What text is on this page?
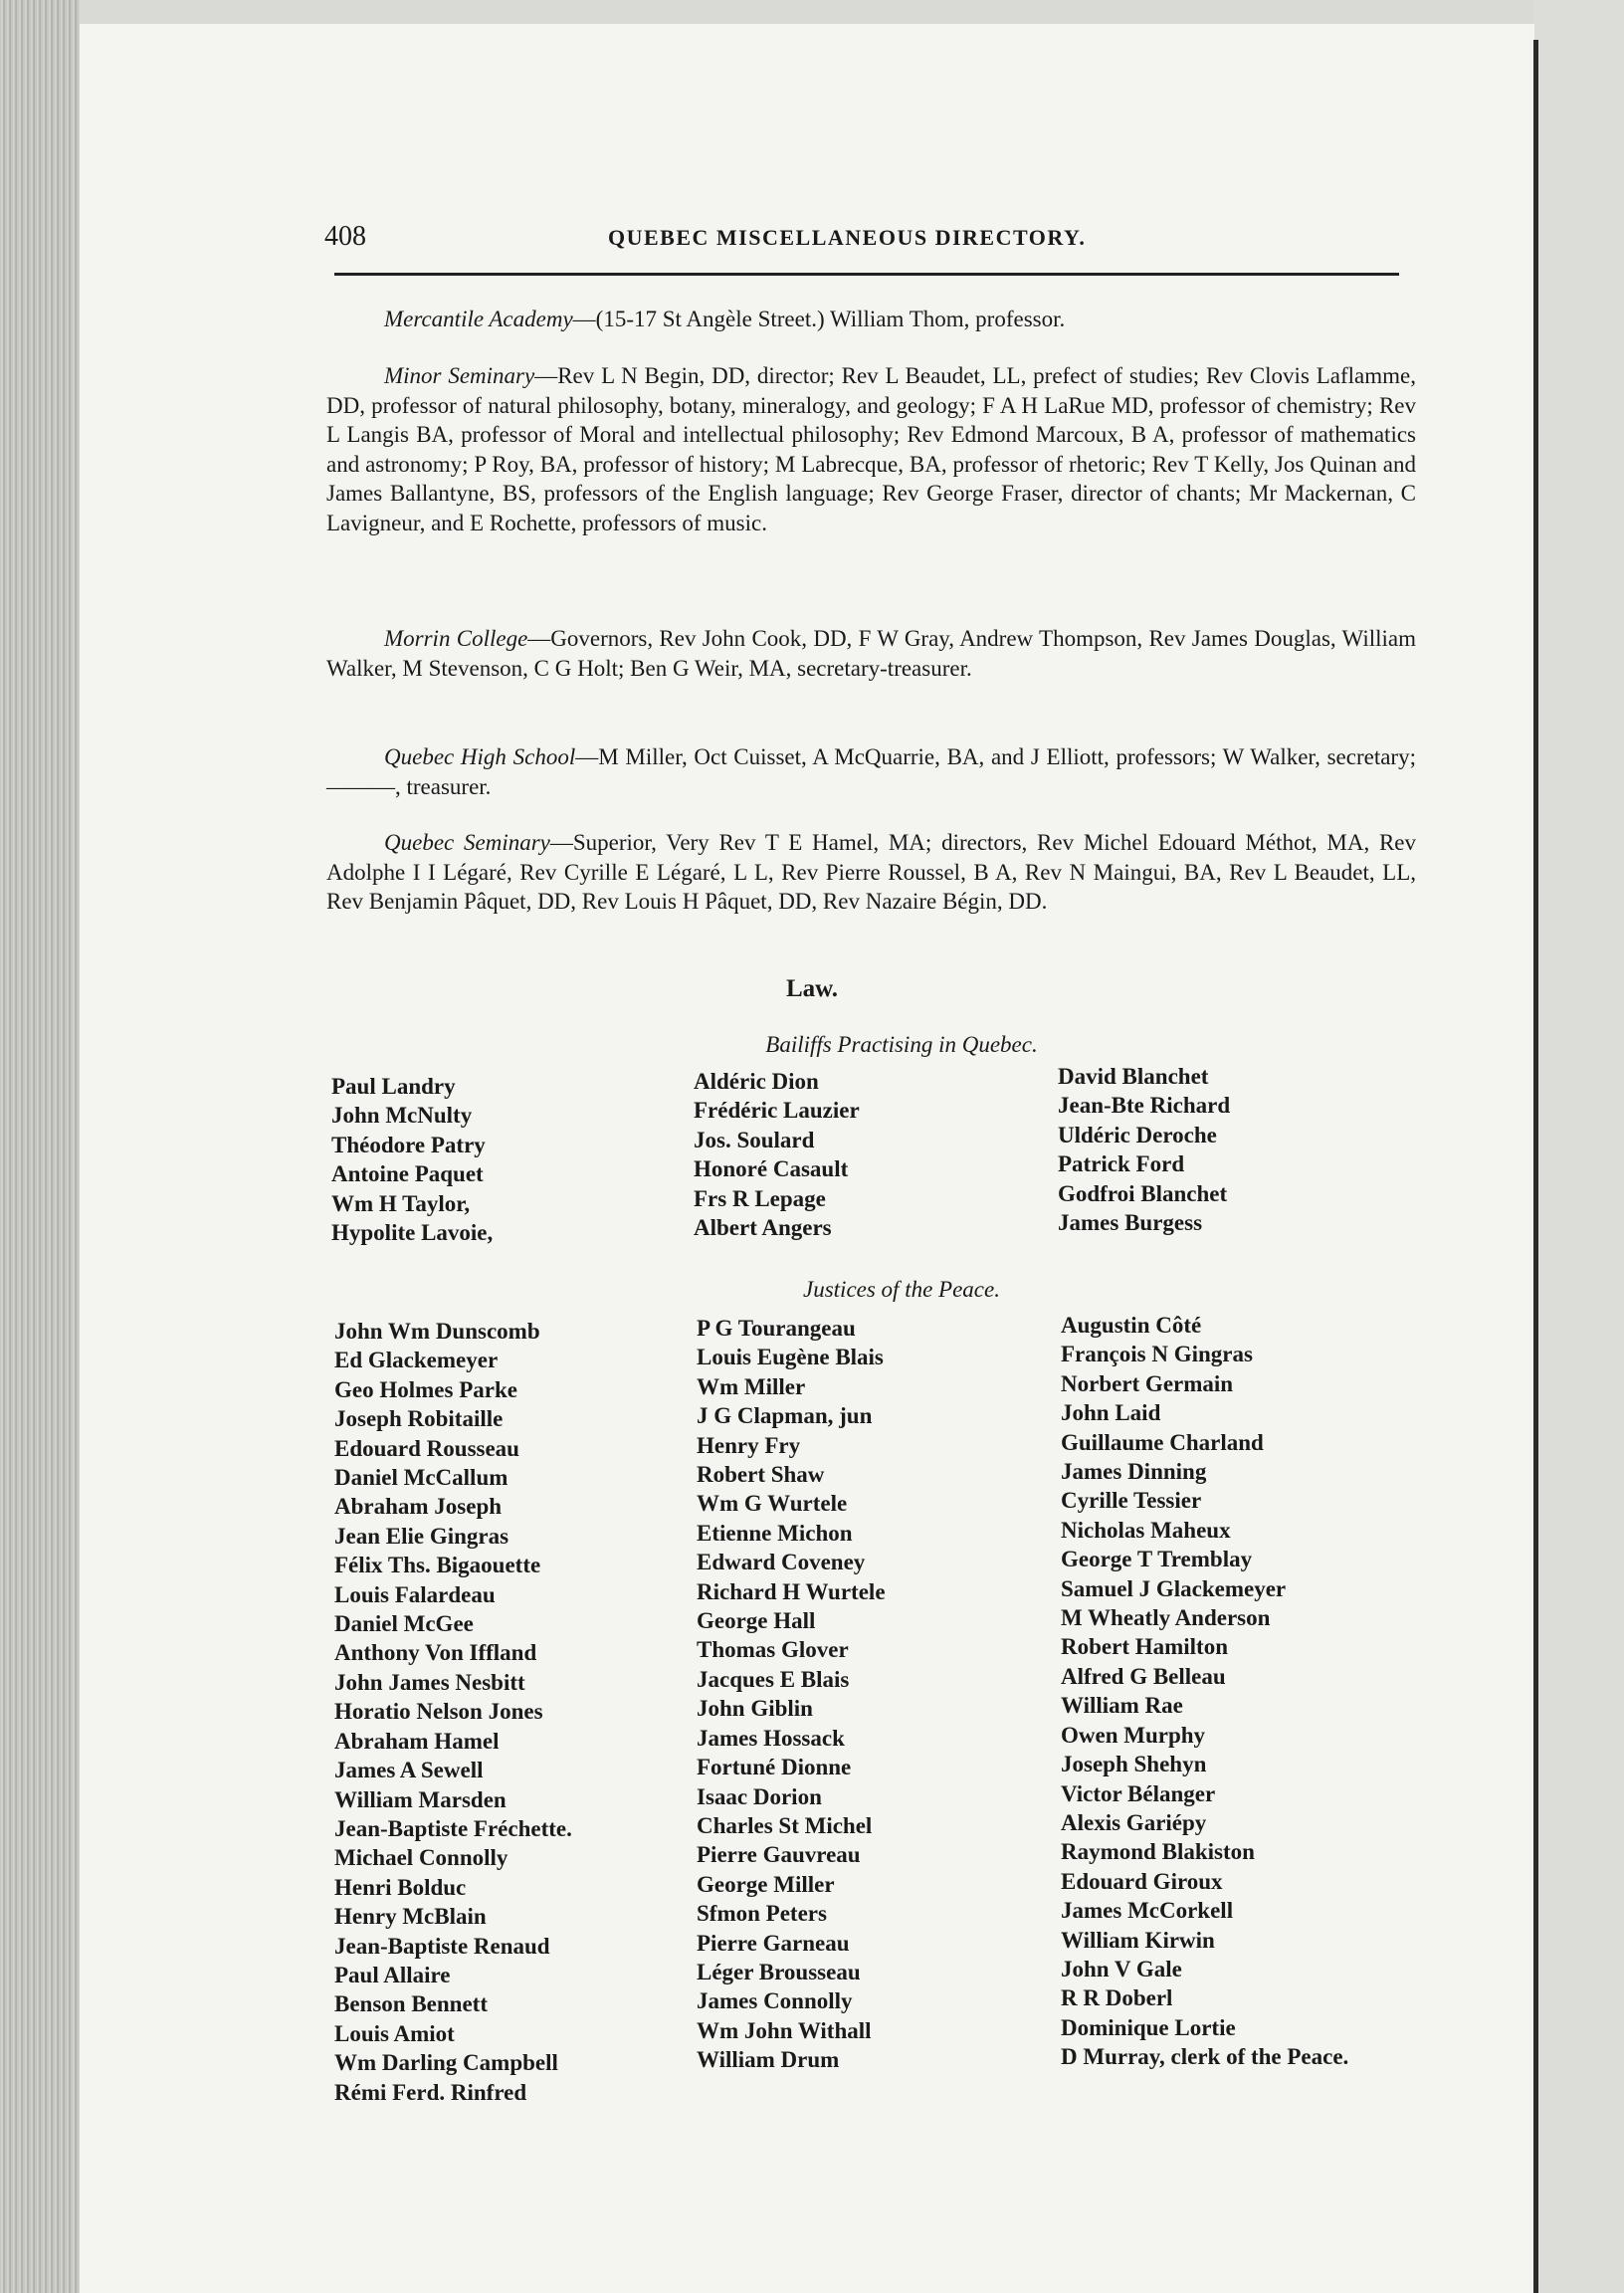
408	QUEBEC MISCELLANEOUS DIRECTORY.
Mercantile Academy—(15-17 St Angèle Street.) William Thom, professor.
Minor Seminary—Rev L N Begin, DD, director; Rev L Beaudet, LL, prefect of studies; Rev Clovis Laflamme, DD, professor of natural philosophy, botany, mineralogy, and geology; F A H LaRue MD, professor of chemistry; Rev L Langis BA, professor of Moral and intellectual philosophy; Rev Edmond Marcoux, B A, professor of mathematics and astronomy; P Roy, BA, professor of history; M Labrecque, BA, professor of rhetoric; Rev T Kelly, Jos Quinan and James Ballantyne, BS, professors of the English language; Rev George Fraser, director of chants; Mr Mackernan, C Lavigneur, and E Rochette, professors of music.
Morrin College—Governors, Rev John Cook, DD, F W Gray, Andrew Thompson, Rev James Douglas, William Walker, M Stevenson, C G Holt; Ben G Weir, MA, secretary-treasurer.
Quebec High School—M Miller, Oct Cuisset, A McQuarrie, BA, and J Elliott, professors; W Walker, secretary; ———, treasurer.
Quebec Seminary—Superior, Very Rev T E Hamel, MA; directors, Rev Michel Edouard Méthot, MA, Rev Adolphe I I Légaré, Rev Cyrille E Légaré, L L, Rev Pierre Roussel, B A, Rev N Maingui, BA, Rev L Beaudet, LL, Rev Benjamin Pâquet, DD, Rev Louis H Pâquet, DD, Rev Nazaire Bégin, DD.
Law.
Bailiffs Practising in Quebec.
Paul Landry
John McNulty
Théodore Patry
Antoine Paquet
Wm H Taylor,
Hypolite Lavoie,
Aldéric Dion
Frédéric Lauzier
Jos. Soulard
Honoré Casault
Frs R Lepage
Albert Angers
David Blanchet
Jean-Bte Richard
Uldéric Deroche
Patrick Ford
Godfroi Blanchet
James Burgess
Justices of the Peace.
John Wm Dunscomb
Ed Glackemeyer
Geo Holmes Parke
Joseph Robitaille
Edouard Rousseau
Daniel McCallum
Abraham Joseph
Jean Elie Gingras
Félix Ths. Bigaouette
Louis Falardeau
Daniel McGee
Anthony Von Iffland
John James Nesbitt
Horatio Nelson Jones
Abraham Hamel
James A Sewell
William Marsden
Jean-Baptiste Fréchette.
Michael Connolly
Henri Bolduc
Henry McBlain
Jean-Baptiste Renaud
Paul Allaire
Benson Bennett
Louis Amiot
Wm Darling Campbell
Rémi Ferd. Rinfred
P G Tourangeau
Louis Eugène Blais
Wm Miller
J G Clapman, jun
Henry Fry
Robert Shaw
Wm G Wurtele
Etienne Michon
Edward Coveney
Richard H Wurtele
George Hall
Thomas Glover
Jacques E Blais
John Giblin
James Hossack
Fortuné Dionne
Isaac Dorion
Charles St Michel
Pierre Gauvreau
George Miller
Sfmon Peters
Pierre Garneau
Léger Brousseau
James Connolly
Wm John Withall
William Drum
Augustin Côté
François N Gingras
Norbert Germain
John Laid
Guillaume Charland
James Dinning
Cyrille Tessier
Nicholas Maheux
George T Tremblay
Samuel J Glackemeyer
M Wheatly Anderson
Robert Hamilton
Alfred G Belleau
William Rae
Owen Murphy
Joseph Shehyn
Victor Bélanger
Alexis Gariépy
Raymond Blakiston
Edouard Giroux
James McCorkell
William Kirwin
John V Gale
R R Doberl
Dominique Lortie
D Murray, clerk of the Peace.
